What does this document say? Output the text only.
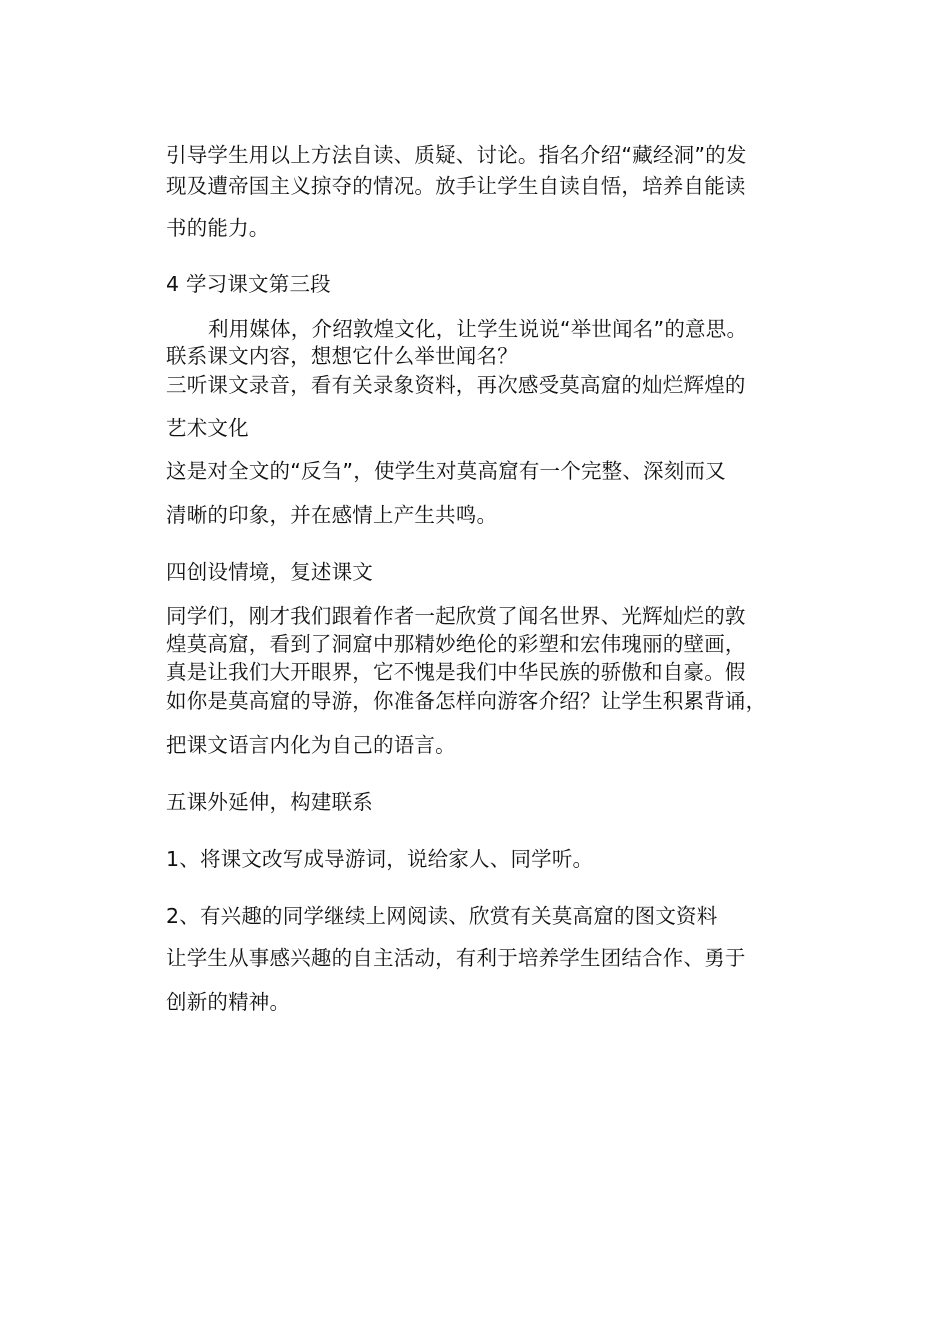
引导学生用以上方法自读、质疑、讨论。指名介绍“藏经洞”的发
现及遭帝国主义掠夺的情况。放手让学生自读自悟，培养自能读
书的能力。
4 学习课文第三段
利用媒体，介绍敦煌文化，让学生说说“举世闻名”的意思。
联系课文内容，想想它什么举世闻名？
三听课文录音，看有关录象资料，再次感受莫高窟的灿烂辉煌的
艺术文化
这是对全文的“反刍”，使学生对莫高窟有一个完整、深刻而又
清晰的印象，并在感情上产生共鸣。
四创设情境，复述课文
同学们，刚才我们跟着作者一起欣赏了闻名世界、光辉灿烂的敦
煌莫高窟，看到了洞窟中那精妙绝伦的彩塑和宏伟瑰丽的壁画，
真是让我们大开眼界，它不愧是我们中华民族的骄傲和自豪。假
如你是莫高窟的导游，你准备怎样向游客介绍？让学生积累背诵，
把课文语言内化为自己的语言。
五课外延伸，构建联系
1、将课文改写成导游词，说给家人、同学听。
2、有兴趣的同学继续上网阅读、欣赏有关莫高窟的图文资料
让学生从事感兴趣的自主活动，有利于培养学生团结合作、勇于
创新的精神。
